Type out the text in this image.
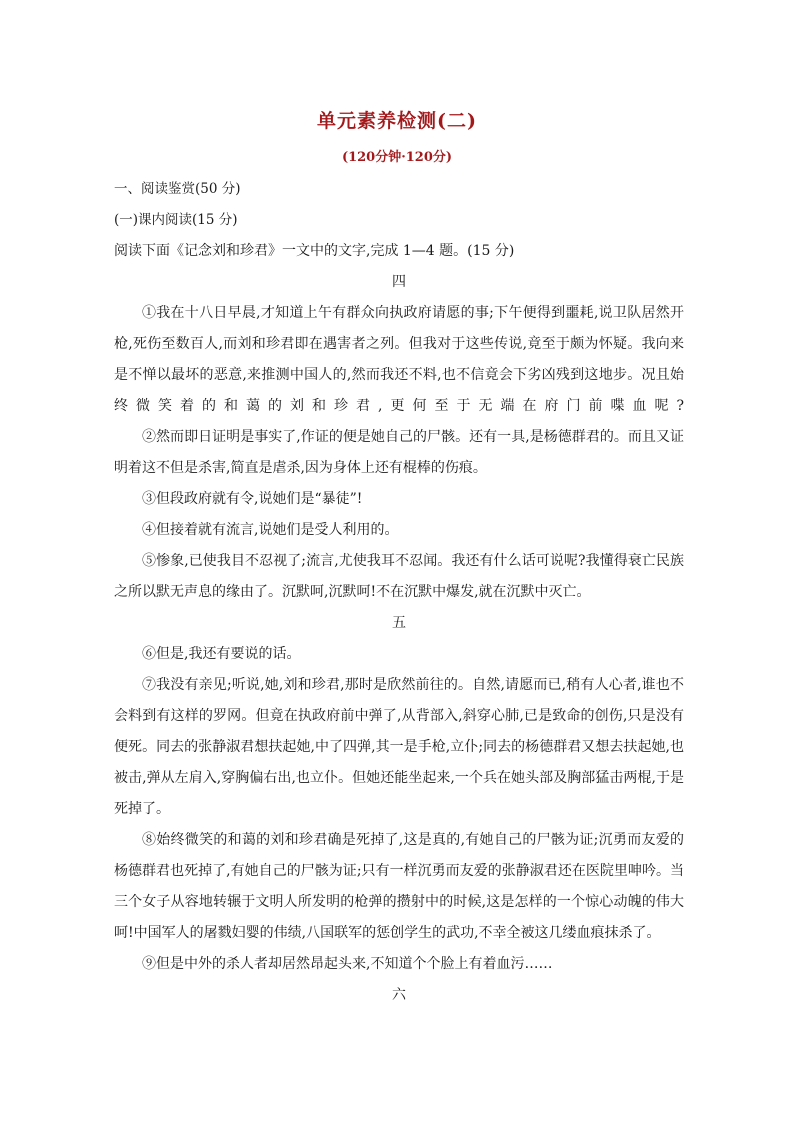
单元素养检测(二)
(120分钟·120分)

一、阅读鉴赏(50 分)

(一)课内阅读(15 分)

阅读下面《记念刘和珍君》一文中的文字,完成 1—4 题。(15 分)

四

①我在十八日早晨,才知道上午有群众向执政府请愿的事;下午便得到噩耗,说卫队居然开枪,死伤至数百人,而刘和珍君即在遇害者之列。但我对于这些传说,竟至于颇为怀疑。我向来是不惮以最坏的恶意,来推测中国人的,然而我还不料,也不信竟会下劣凶残到这地步。况且始终微笑着的和蔼的刘和珍君,更何至于无端在府门前喋血呢?

②然而即日证明是事实了,作证的便是她自己的尸骸。还有一具,是杨德群君的。而且又证明着这不但是杀害,简直是虐杀,因为身体上还有棍棒的伤痕。

③但段政府就有令,说她们是“暴徒”!

④但接着就有流言,说她们是受人利用的。

⑤惨象,已使我目不忍视了;流言,尤使我耳不忍闻。我还有什么话可说呢?我懂得衰亡民族之所以默无声息的缘由了。沉默呵,沉默呵!不在沉默中爆发,就在沉默中灭亡。

五

⑥但是,我还有要说的话。

⑦我没有亲见;听说,她,刘和珍君,那时是欣然前往的。自然,请愿而已,稍有人心者,谁也不会料到有这样的罗网。但竟在执政府前中弹了,从背部入,斜穿心肺,已是致命的创伤,只是没有便死。同去的张静淑君想扶起她,中了四弹,其一是手枪,立仆;同去的杨德群君又想去扶起她,也被击,弹从左肩入,穿胸偏右出,也立仆。但她还能坐起来,一个兵在她头部及胸部猛击两棍,于是死掉了。

⑧始终微笑的和蔼的刘和珍君确是死掉了,这是真的,有她自己的尸骸为证;沉勇而友爱的杨德群君也死掉了,有她自己的尸骸为证;只有一样沉勇而友爱的张静淑君还在医院里呻吟。当三个女子从容地转辗于文明人所发明的枪弹的攒射中的时候,这是怎样的一个惊心动魄的伟大呵!中国军人的屠戮妇婴的伟绩,八国联军的惩创学生的武功,不幸全被这几缕血痕抹杀了。

⑨但是中外的杀人者却居然昂起头来,不知道个个脸上有着血污……

六
